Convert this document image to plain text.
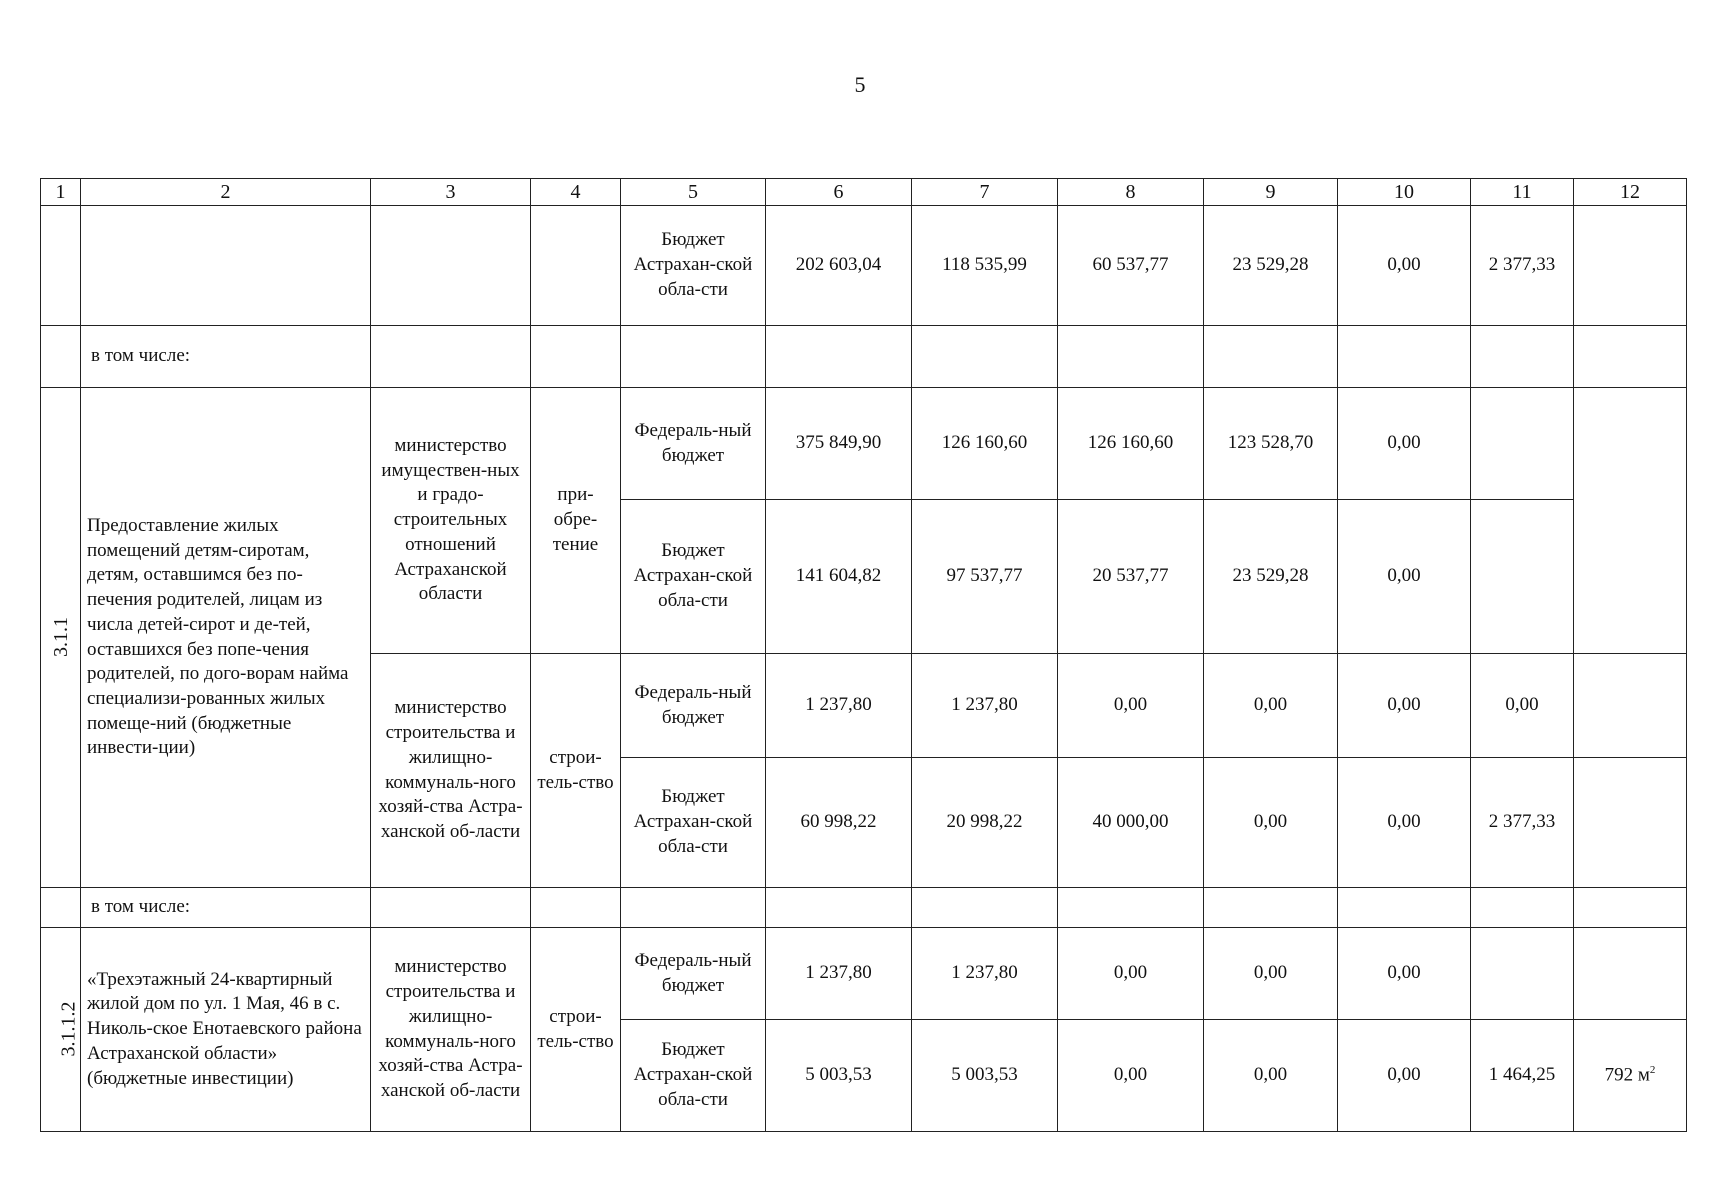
5
1	2	3	4	5	6	7	8	9	10	11	12
				Бюджет Астрахан-ской обла-сти	202 603,04	118 535,99	60 537,77	23 529,28	0,00	2 377,33	
	в том числе:										
3.1.1	Предоставление жилых помещений детям-сиротам, детям, оставшимся без по-печения родителей, лицам из числа детей-сирот и де-тей, оставшихся без попе-чения родителей, по дого-ворам найма специализи-рованных жилых помеще-ний (бюджетные инвести-ции)	министерство имуществен-ных и градо-строительных отношений Астраханской области	при-обре-тение	Федераль-ный бюджет	375 849,90	126 160,60	126 160,60	123 528,70	0,00		
				Бюджет Астрахан-ской обла-сти	141 604,82	97 537,77	20 537,77	23 529,28	0,00		
		министерство строительства и жилищно-коммуналь-ного хозяй-ства Астра-ханской об-ласти	строи-тель-ство	Федераль-ный бюджет	1 237,80	1 237,80	0,00	0,00	0,00	0,00	
				Бюджет Астрахан-ской обла-сти	60 998,22	20 998,22	40 000,00	0,00	0,00	2 377,33	
	в том числе:										
3.1.1.2	«Трехэтажный 24-квартирный жилой дом по ул. 1 Мая, 46 в с. Николь-ское Енотаевского района Астраханской области» (бюджетные инвестиции)	министерство строительства и жилищно-коммуналь-ного хозяй-ства Астра-ханской об-ласти	строи-тель-ство	Федераль-ный бюджет	1 237,80	1 237,80	0,00	0,00	0,00		
				Бюджет Астрахан-ской обла-сти	5 003,53	5 003,53	0,00	0,00	0,00	1 464,25	792 $м^2$
